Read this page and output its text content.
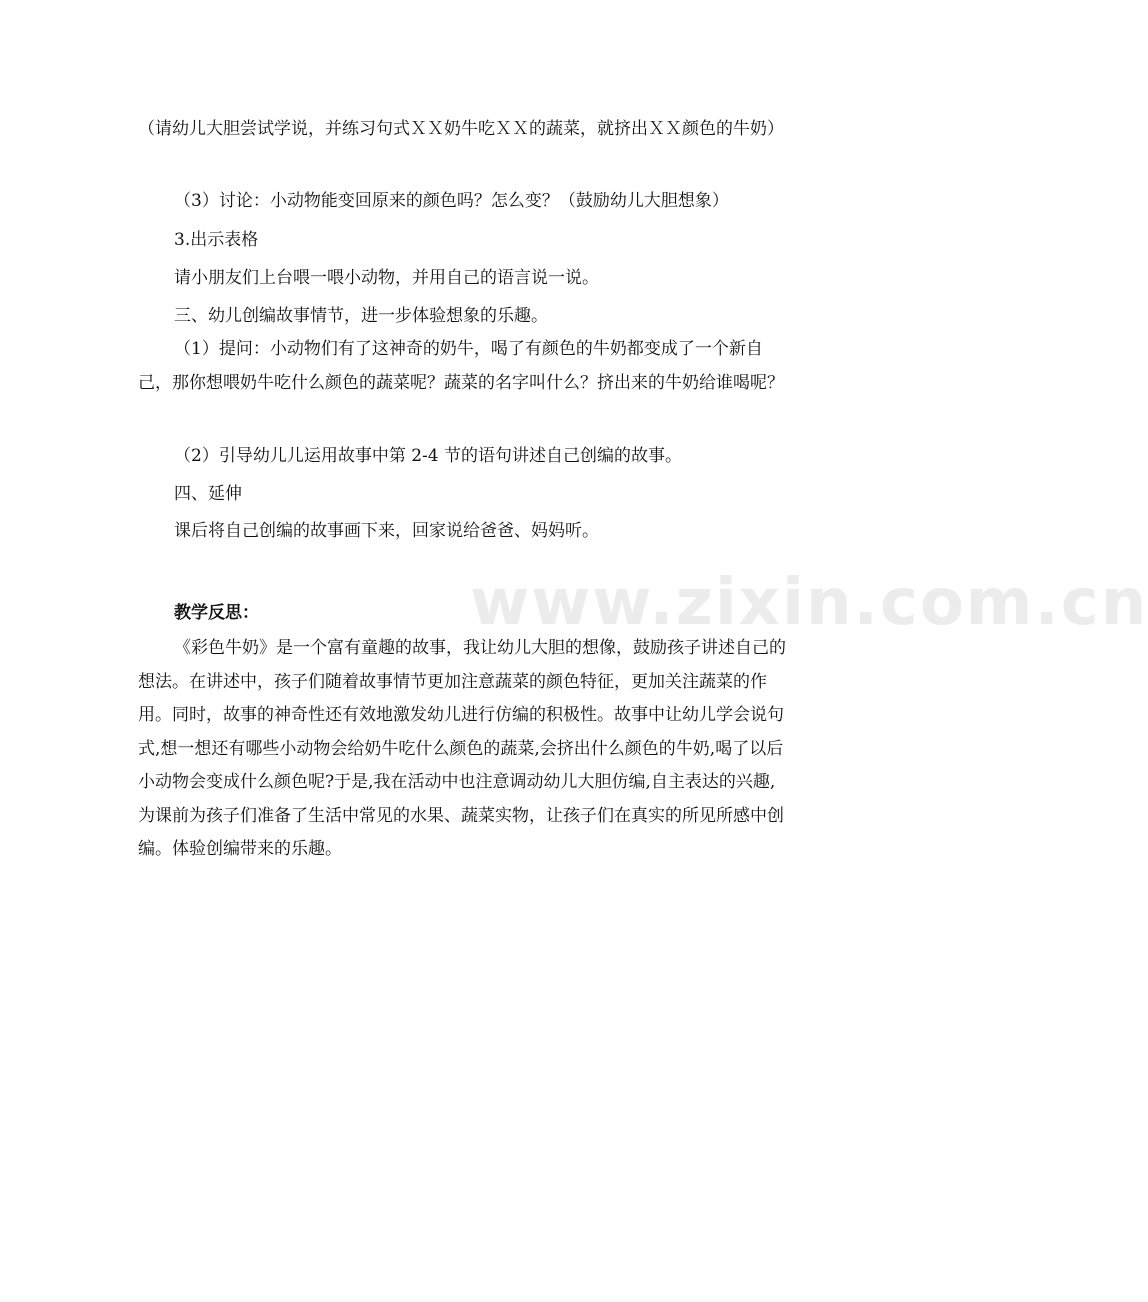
www.zixin.com.cn
（请幼儿大胆尝试学说，并练习句式ＸＸ奶牛吃ＸＸ的蔬菜，就挤出ＸＸ颜色的牛奶）
（3）讨论：小动物能变回原来的颜色吗？怎么变？（鼓励幼儿大胆想象）
3.出示表格
请小朋友们上台喂一喂小动物，并用自己的语言说一说。
三、幼儿创编故事情节，进一步体验想象的乐趣。
（1）提问：小动物们有了这神奇的奶牛，喝了有颜色的牛奶都变成了一个新自己，那你想喂奶牛吃什么颜色的蔬菜呢？蔬菜的名字叫什么？挤出来的牛奶给谁喝呢？
（2）引导幼儿儿运用故事中第 2-4 节的语句讲述自己创编的故事。
四、延伸
课后将自己创编的故事画下来，回家说给爸爸、妈妈听。
教学反思：
《彩色牛奶》是一个富有童趣的故事，我让幼儿大胆的想像，鼓励孩子讲述自己的想法。在讲述中，孩子们随着故事情节更加注意蔬菜的颜色特征，更加关注蔬菜的作用。同时，故事的神奇性还有效地激发幼儿进行仿编的积极性。故事中让幼儿学会说句式,想一想还有哪些小动物会给奶牛吃什么颜色的蔬菜,会挤出什么颜色的牛奶,喝了以后小动物会变成什么颜色呢?于是,我在活动中也注意调动幼儿大胆仿编,自主表达的兴趣,为课前为孩子们准备了生活中常见的水果、蔬菜实物，让孩子们在真实的所见所感中创编。体验创编带来的乐趣。
